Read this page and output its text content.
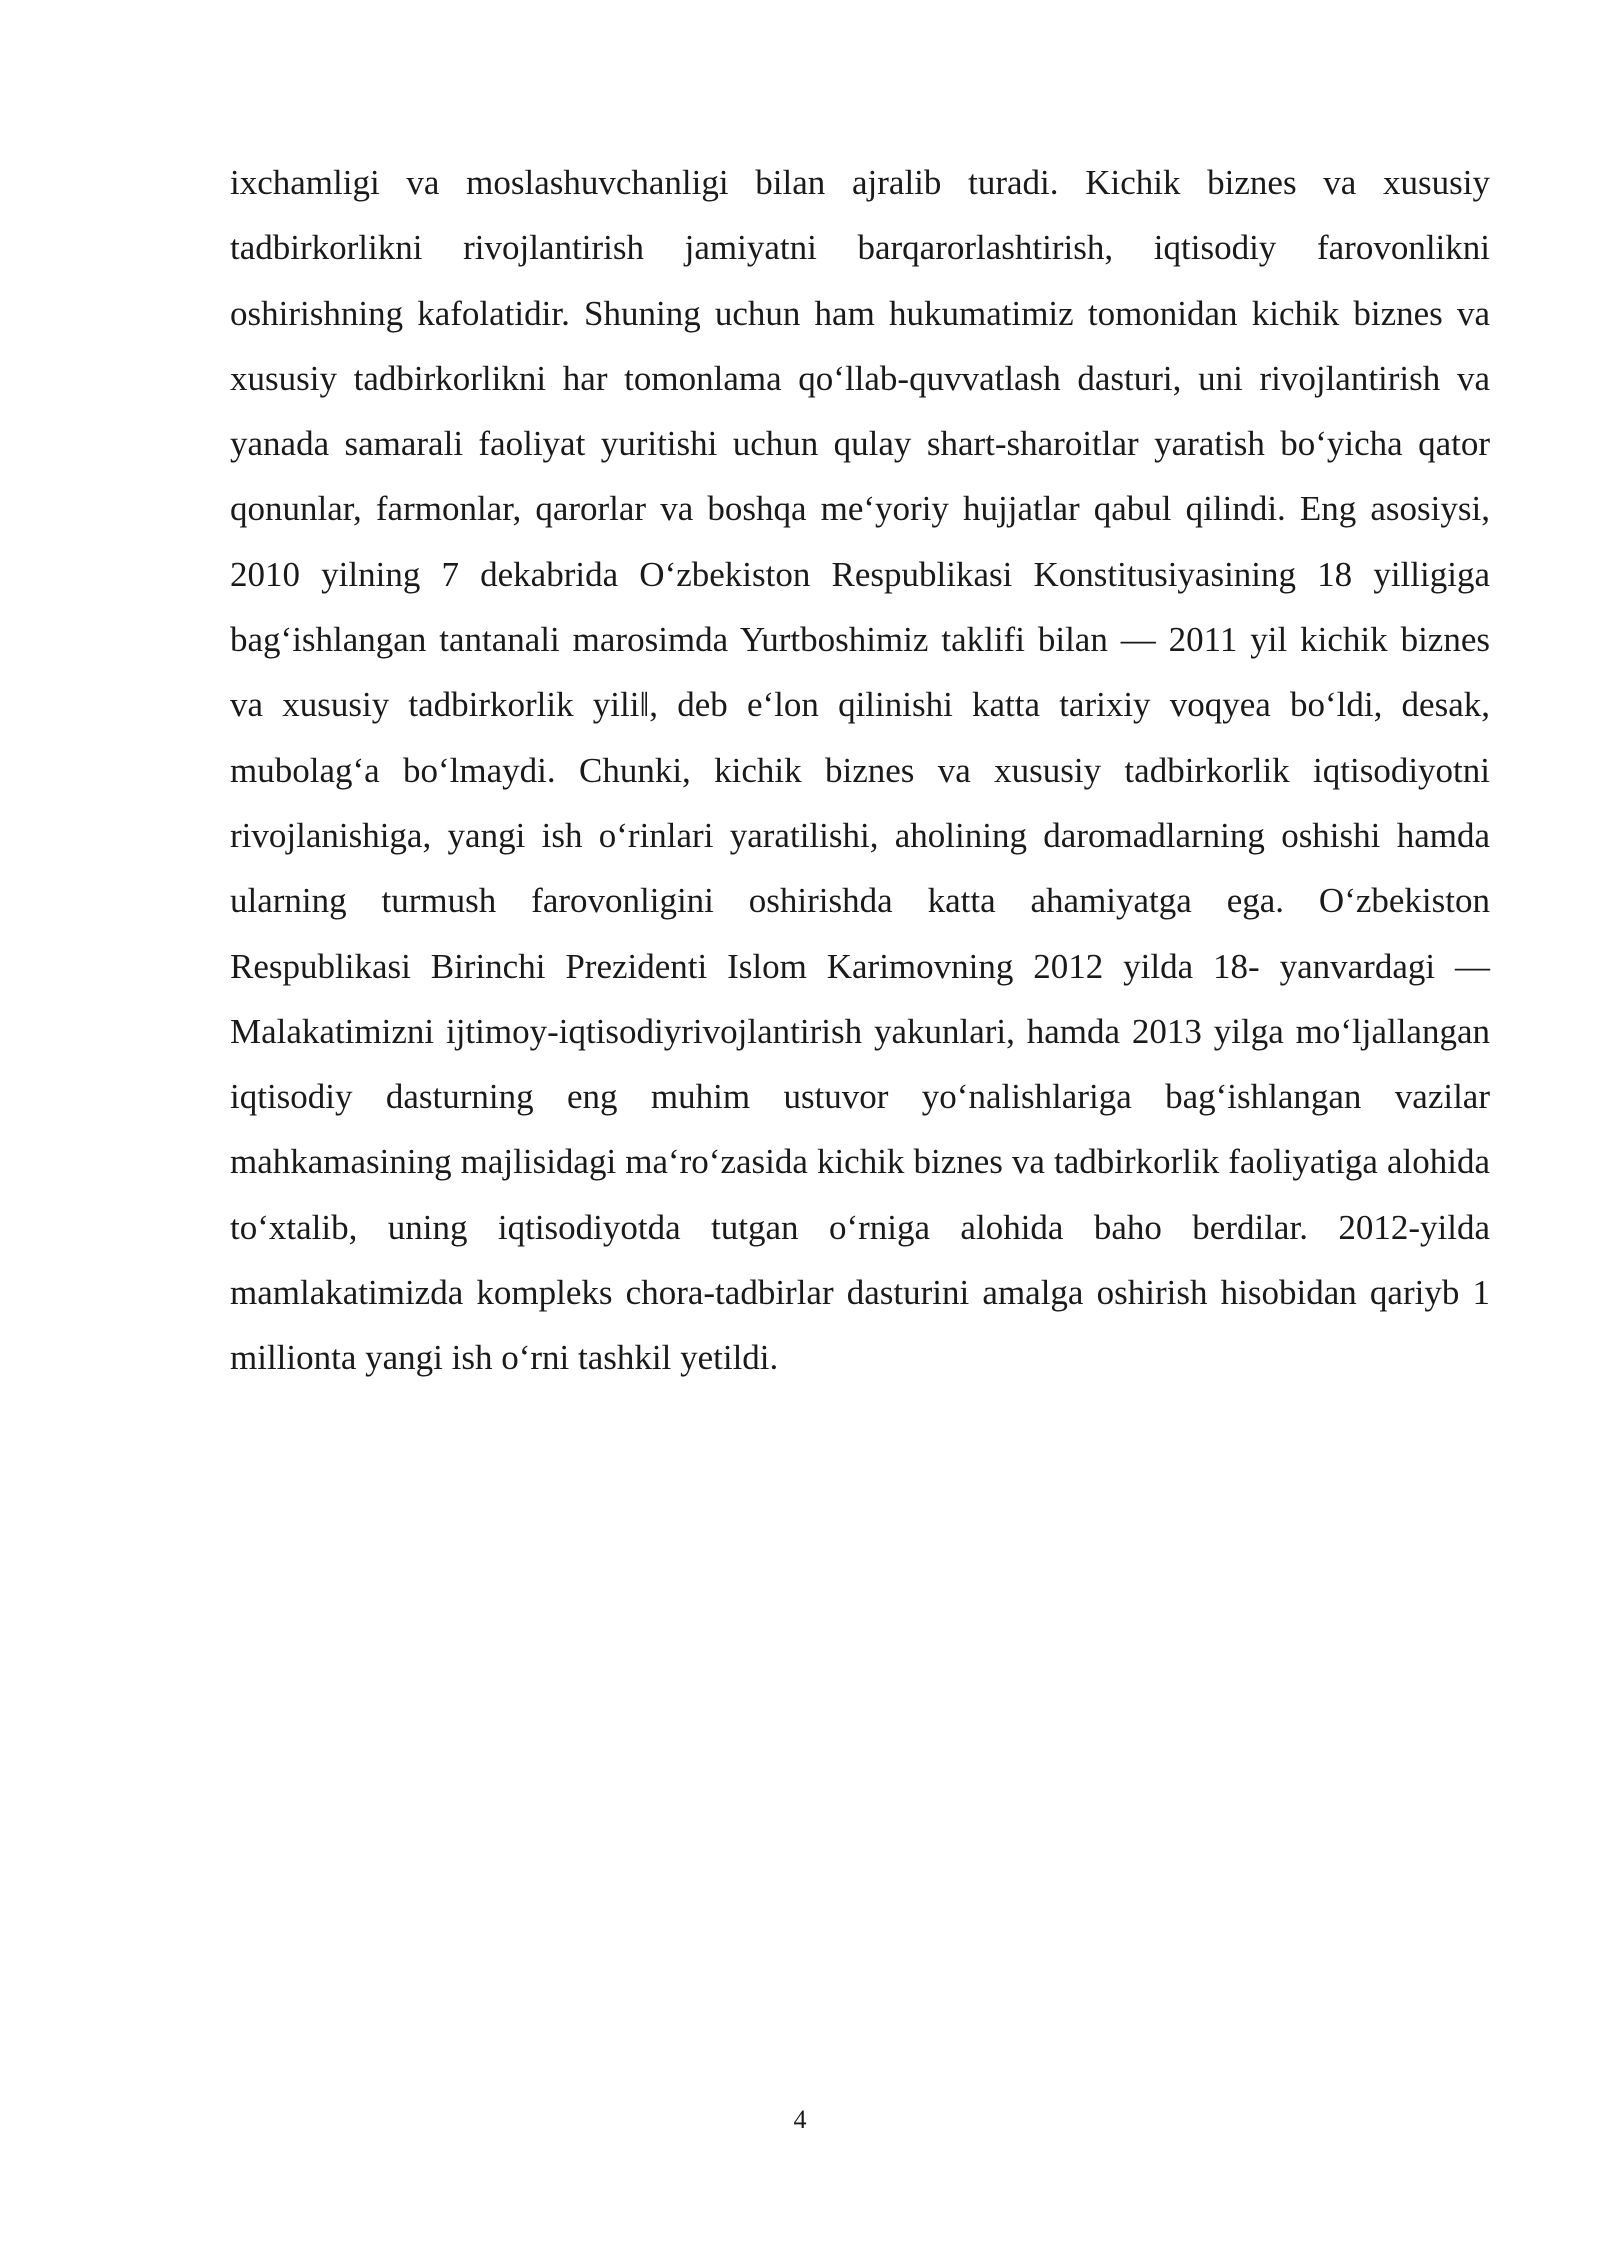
ixchamligi va moslashuvchanligi bilan ajralib turadi. Kichik biznes va xususiy tadbirkorlikni rivojlantirish jamiyatni barqarorlashtirish, iqtisodiy farovonlikni oshirishning kafolatidir. Shuning uchun ham hukumatimiz tomonidan kichik biznes va xususiy tadbirkorlikni har tomonlama qo‘llab-quvvatlash dasturi, uni rivojlantirish va yanada samarali faoliyat yuritishi uchun qulay shart-sharoitlar yaratish bo‘yicha qator qonunlar, farmonlar, qarorlar va boshqa me‘yoriy hujjatlar qabul qilindi. Eng asosiysi, 2010 yilning 7 dekabrida O‘zbekiston Respublikasi Konstitusiyasining 18 yilligiga bag‘ishlangan tantanali marosimda Yurtboshimiz taklifi bilan — 2011 yil kichik biznes va xususiy tadbirkorlik yili‖, deb e‘lon qilinishi katta tarixiy voqyea bo‘ldi, desak, mubolag‘a bo‘lmaydi. Chunki, kichik biznes va xususiy tadbirkorlik iqtisodiyotni rivojlanishiga, yangi ish o‘rinlari yaratilishi, aholining daromadlarning oshishi hamda ularning turmush farovonligini oshirishda katta ahamiyatga ega. O‘zbekiston Respublikasi Birinchi Prezidenti Islom Karimovning 2012 yilda 18- yanvardagi —Malakatimizni ijtimoy-iqtisodiyrivojlantirish yakunlari, hamda 2013 yilga mo‘ljallangan iqtisodiy dasturning eng muhim ustuvor yo‘nalishlariga bag‘ishlangan vazilar mahkamasining majlisidagi ma‘ro‘zasida kichik biznes va tadbirkorlik faoliyatiga alohida to‘xtalib, uning iqtisodiyotda tutgan o‘rniga alohida baho berdilar. 2012-yilda mamlakatimizda kompleks chora-tadbirlar dasturini amalga oshirish hisobidan qariyb 1 millionta yangi ish o‘rni tashkil yetildi.

4
